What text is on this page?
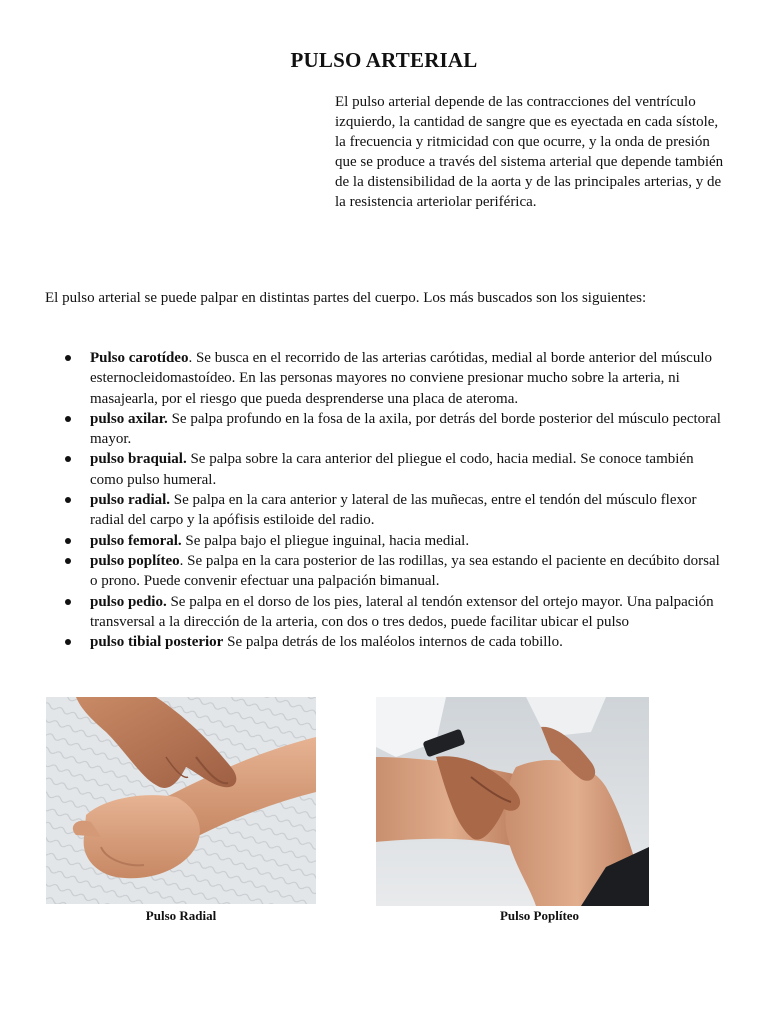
PULSO ARTERIAL

El pulso arterial depende de las contracciones del ventrículo izquierdo, la cantidad de sangre que es eyectada en cada sístole, la frecuencia y ritmicidad con que ocurre, y la onda de presión que se produce a través del sistema arterial que depende también de la distensibilidad de la aorta y de las principales arterias, y de la resistencia arteriolar periférica.

El pulso arterial se puede palpar en distintas partes del cuerpo. Los más buscados son los siguientes:

Pulso carotídeo. Se busca en el recorrido de las arterias carótidas, medial al borde anterior del músculo esternocleidomastoídeo. En las personas mayores no conviene presionar mucho sobre la arteria, ni masajearla, por el riesgo que pueda desprenderse una placa de ateroma.
pulso axilar. Se palpa profundo en la fosa de la axila, por detrás del borde posterior del músculo pectoral mayor.
pulso braquial. Se palpa sobre la cara anterior del pliegue el codo, hacia medial. Se conoce también como pulso humeral.
pulso radial. Se palpa en la cara anterior y lateral de las muñecas, entre el tendón del músculo flexor radial del carpo y la apófisis estiloide del radio.
pulso femoral. Se palpa bajo el pliegue inguinal, hacia medial.
pulso poplíteo. Se palpa en la cara posterior de las rodillas, ya sea estando el paciente en decúbito dorsal o prono. Puede convenir efectuar una palpación bimanual.
pulso pedio. Se palpa en el dorso de los pies, lateral al tendón extensor del ortejo mayor. Una palpación transversal a la dirección de la arteria, con dos o tres dedos, puede facilitar ubicar el pulso
pulso tibial posterior Se palpa detrás de los maléolos internos de cada tobillo.
Pulso Radial	Pulso Poplíteo
